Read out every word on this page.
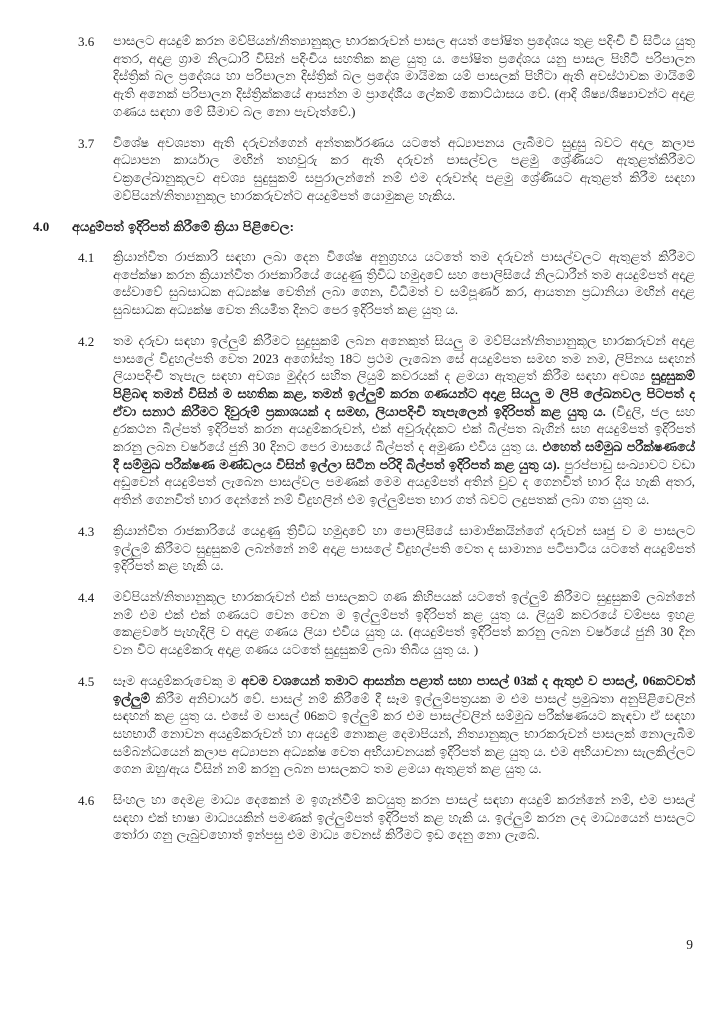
3.6	පාසලට අයදුම් කරන මව්පියන්/නිත්‍යානුකූල භාරකරුවන් පාසල අයත් පෝෂිත ප්‍රදේශය තුළ පදිංචි වී සිටිය යුතු අතර, අදාළ ග්‍රාම නිලධාරි විසින් පදිංචිය සහතික කළ යුතු ය. පෝෂිත ප්‍රදේශය යනු පාසල පිහිටි පරිපාලන දිස්ත්‍රික් බල ප්‍රදේශය හා පරිපාලන දිස්ත්‍රික් බල ප්‍රදේශ මායිමක යම් පාසලක් පිහිටා ඇති අවස්ථාවක මායිමේ ඇති අනෙක් පරිපාලන දිස්ත්‍රික්කයේ ආසන්න ම ප්‍රාදේශීය ලේකම් කොට්ඨාසය වේ. (ආදි ශිෂ්‍ය/ශිෂ්‍යාවන්ට අදාළ ගණය සඳහා මේ සීමාව බල නො පැවැත්වේ.)
3.7	විශේෂ අවශ්‍යතා ඇති දරුවන්ගෙන් අන්තර්කරණය යටතේ අධ්‍යාපනය ලැබීමට සුදුසු බවට අදාල කලාප අධ්‍යාපන කාර්යාල මඟින් තහවුරු කර ඇති දරුවන් පාසල්වල පළමු ශ්‍රේණියට ඇතුළත්කිරීමට චක්‍රලේඛානුකූලව අවශ්‍ය සුදුසුකම් සපුරාලන්නේ නම් එම දරුවන්ද පළමු ශ්‍රේණියට ඇතුළත් කිරීම සඳහා මව්පියන්/නිත්‍යානුකූල භාරකරුවන්ට අයදුම්පත් යොමුකළ හැකිය.
4.0	අයදුම්පත් ඉදිරිපත් කිරීමේ ක්‍රියා පිළිවෙල:
4.1	ක්‍රියාන්විත රාජකාරි සඳහා ලබා දෙන විශේෂ අනුග්‍රහය යටතේ තම දරුවන් පාසල්වලට ඇතුළත් කිරීමට අපේක්ෂා කරන ක්‍රියාන්විත රාජකාරියේ යෙදුණු ත්‍රිවිධ හමුදාවේ සහ පොලිසියේ නිලධාරීන් තම අයදුම්පත් අදාළ සේවාවේ සුබසාධක අධ්‍යක්ෂ වෙතින් ලබා ගෙන, විධිමත් ව සම්පූර්ණ කර, ආයතන ප්‍රධානියා මඟින් අදාළ සුබසාධක අධ්‍යක්ෂ වෙත නියමිත දිනට පෙර ඉදිරිපත් කළ යුතු ය.
4.2	තම දරුවා සඳහා ඉල්ලුම් කිරීමට සුදුසුකම් ලබන අනෙකුත් සියලු ම මව්පියන්/නිත්‍යානුකූල භාරකරුවන් අදාළ පාසලේ විදුහල්පති වෙත 2023 අගෝස්තු 18ට ප්‍රථම ලැබෙන සේ අයදුම්පත සමඟ තම නම, ලිපිනය සඳහන් ලියාපදිංචි තැපැල සඳහා අවශ්‍ය මුද්දර සහිත ලියුම් කවරයක් ද ළමයා ඇතුළත් කිරීම සඳහා අවශ්‍ය සුදුසුකම් පිළිබඳ තමන් විසින් ම සහතික කළ, තමන් ඉල්ලුම් කරන ගණයන්ට අදාළ සියලු ම ලිපි ලේඛනවල පිටපත් ද ඒවා සනාථ කිරීමට දිවුරුම් ප්‍රකාශයක් ද සමඟ, ලියාපදිංචි තැපැලෙන් ඉදිරිපත් කළ යුතු ය. (විදුලි, ජල සහ දුරකථන බිල්පත් ඉදිරිපත් කරන අයදුම්කරුවන්, එක් අවුරුද්දකට එක් බිල්පත බැගින් සහ අයදුම්පත් ඉදිරිපත් කරනු ලබන වර්ෂයේ ජුනි 30 දිනට පෙර මාසයේ බිල්පත් ද අමුණා එවිය යුතු ය. එහෙත් සම්මුඛ පරීක්ෂණයේ දී සම්මුඛ පරීක්ෂණ මණ්ඩලය විසින් ඉල්ලා සිටින පරිදි බිල්පත් ඉදිරිපත් කළ යුතු ය). පුරප්පාඩු සංඛ්‍යාවට වඩා අඩුවෙන් අයදුම්පත් ලැබෙන පාසල්වල පමණක් මෙම අයදුම්පත් අතින් වුව ද ගෙනවිත් භාර දිය හැකි අතර, අතින් ගෙනවිත් භාර දෙන්නේ නම් විදුහලින් එම ඉල්ලුම්පත භාර ගත් බවට ලදුපතක් ලබා ගත යුතු ය.
4.3	ක්‍රියාන්විත රාජකාරියේ යෙදුණු ත්‍රිවිධ හමුදාවේ හා පොලිසියේ සාමාජිකයින්ගේ දරුවන් සෘජු ව ම පාසලට ඉල්ලුම් කිරීමට සුදුසුකම් ලබන්නේ නම් අදාළ පාසලේ විදුහල්පති වෙත ද සාමාන්‍ය පටිපාටිය යටතේ අයදුම්පත් ඉදිරිපත් කළ හැකි ය.
4.4	මව්පියන්/නිත්‍යානුකූල භාරකරුවන් එක් පාසලකට ගණ කිහිපයක් යටතේ ඉල්ලුම් කිරීමට සුදුසුකම් ලබන්නේ නම් එම එක් එක් ගණයට වෙන වෙන ම ඉල්ලුම්පත් ඉදිරිපත් කළ යුතු ය. ලියුම් කවරයේ වම්පස ඉහළ කෙළවරේ පැහැදිලි ව අදාළ ගණය ලියා එවිය යුතු ය. (අයදුම්පත් ඉදිරිපත් කරනු ලබන වර්ෂයේ ජුනි 30 දින වන විට අයදුම්කරු අදාළ ගණය යටතේ සුදුසුකම් ලබා තිබිය යුතු ය. )
4.5	සෑම අයදුම්කරුවෙකු ම අවම වශයෙන් තමාට ආසන්න පළාත් සභා පාසල් 03ක් ද ඇතුළු ව පාසල්, 06කටවත් ඉල්ලුම් කිරීම අනිවාර්ය වේ. පාසල් නම් කිරීමේ දී සෑම ඉල්ලුම්පත්‍රයක ම එම පාසල් ප්‍රමුඛතා අනුපිළිවෙලින් සඳහන් කළ යුතු ය. එසේ ම පාසල් 06කට ඉල්ලුම් කර එම පාසල්වලින් සම්මුඛ පරීක්ෂණයට කැඳවා ඒ සඳහා සහභාගී නොවන අයදුම්කරුවන් හා අයදුම් නොකළ දෙමාපියන්, නිත්‍යානුකූල භාරකරුවන් පාසලක් නොලැබීම සම්බන්ධයෙන් කලාප අධ්‍යාපන අධ්‍යක්ෂ වෙත අභියාචනයක් ඉදිරිපත් කළ යුතු ය. එම අභියාචනා සැලකිල්ලට ගෙන ඔහු/ඇය විසින් නම් කරනු ලබන පාසලකට තම ළමයා ඇතුළත් කළ යුතු ය.
4.6	සිංහල හා දෙමළ මාධ්‍ය දෙකෙන් ම ඉගැන්වීම් කටයුතු කරන පාසල් සඳහා අයදුම් කරන්නේ නම්, එම පාසල් සඳහා එක් භාෂා මාධ්‍යයකින් පමණක් ඉල්ලුම්පත් ඉදිරිපත් කළ හැකි ය. ඉල්ලුම් කරන ලද මාධ්‍යයෙන් පාසලට තෝරා ගනු ලැබුවහොත් ඉන්පසු එම මාධ්‍ය වෙනස් කිරීමට ඉඩ දෙනු නො ලැබේ.
9
